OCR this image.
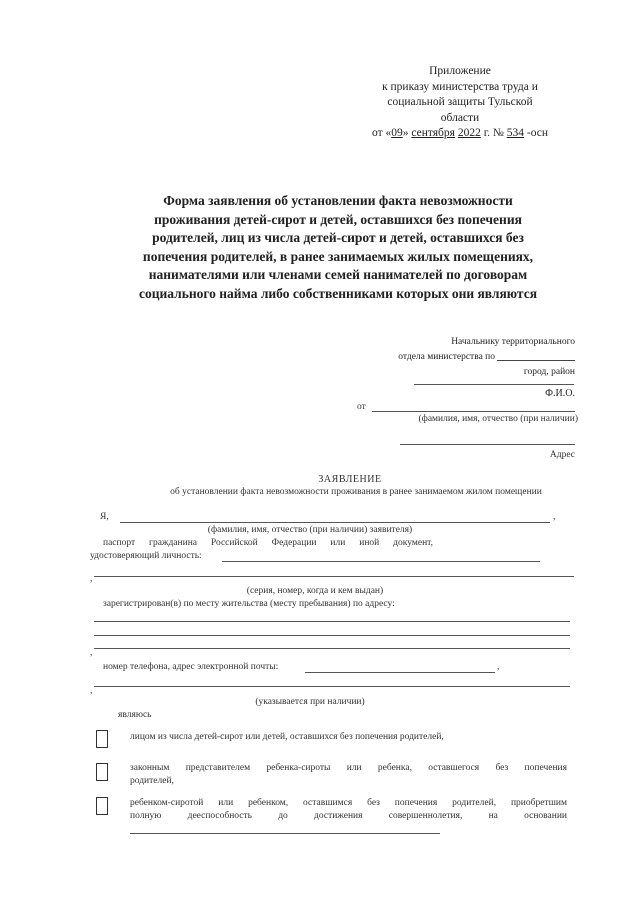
Приложение
к приказу министерства труда и
социальной защиты Тульской
области
от «09» сентября 2022 г. № 534 -осн
Форма заявления об установлении факта невозможности
проживания детей-сирот и детей, оставшихся без попечения
родителей, лиц из числа детей-сирот и детей, оставшихся без
попечения родителей, в ранее занимаемых жилых помещениях,
нанимателями или членами семей нанимателей по договорам
социального найма либо собственниками которых они являются
Начальнику территориального
отдела министерства по
город, район
Ф.И.О.
от
(фамилия, имя, отчество (при наличии)
Адрес
ЗАЯВЛЕНИЕ
об установлении факта невозможности проживания в ранее занимаемом жилом помещении
Я,	,
(фамилия, имя, отчество (при наличии) заявителя)
паспорт гражданина Российской Федерации или иной документ,
удостоверяющий личность:
,
(серия, номер, когда и кем выдан)
зарегистрирован(в) по месту жительства (месту пребывания) по адресу:
,
номер телефона, адрес электронной почты:	,
,
(указывается при наличии)
являюсь
лицом из числа детей-сирот или детей, оставшихся без попечения родителей,
законным представителем ребенка-сироты или ребенка, оставшегося без попечения
родителей,
ребенком-сиротой или ребенком, оставшимся без попечения родителей, приобретшим
полную дееспособность до достижения совершеннолетия, на основании
